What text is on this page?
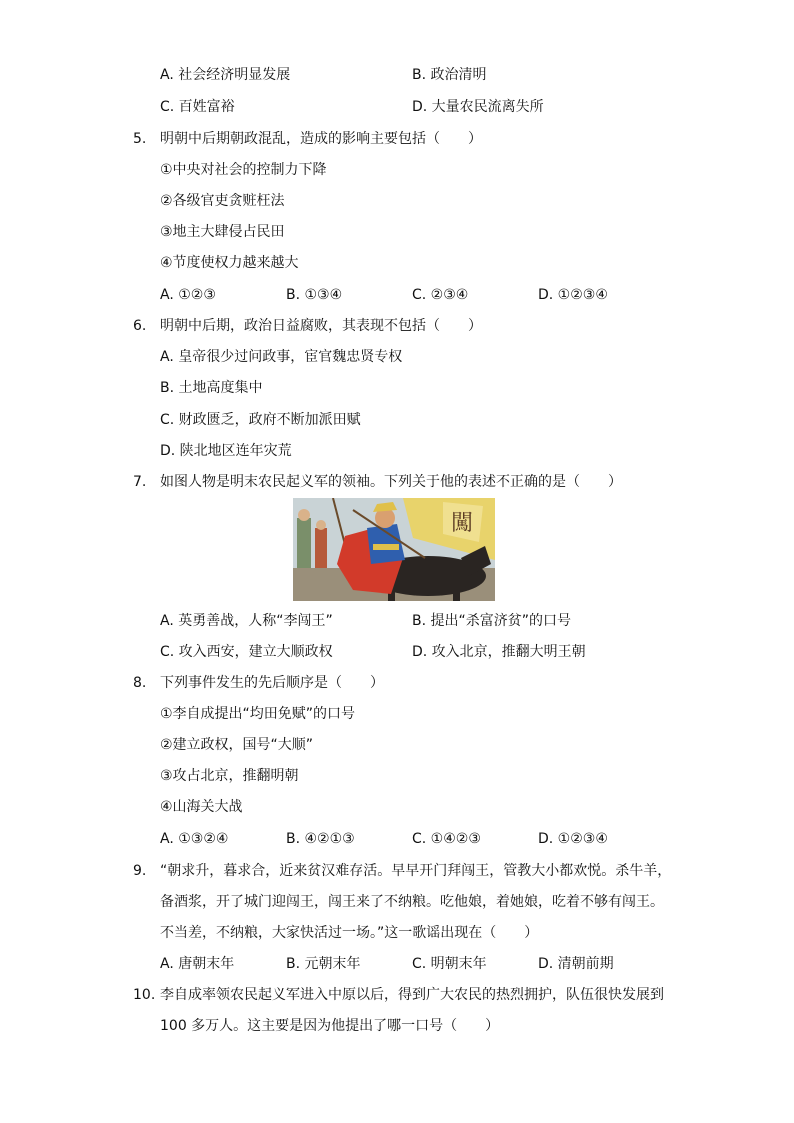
A. 社会经济明显发展	B. 政治清明
C. 百姓富裕	D. 大量农民流离失所
5. 明朝中后期朝政混乱，造成的影响主要包括（　　）
①中央对社会的控制力下降
②各级官吏贪赃枉法
③地主大肆侵占民田
④节度使权力越来越大
A. ①②③	B. ①③④	C. ②③④	D. ①②③④
6. 明朝中后期，政治日益腐败，其表现不包括（　　）
A. 皇帝很少过问政事，宦官魏忠贤专权
B. 土地高度集中
C. 财政匮乏，政府不断加派田赋
D. 陕北地区连年灾荒
7. 如图人物是明末农民起义军的领袖。下列关于他的表述不正确的是（　　）
闖
A. 英勇善战，人称“李闯王”	B. 提出“杀富济贫”的口号
C. 攻入西安，建立大顺政权	D. 攻入北京，推翻大明王朝
8. 下列事件发生的先后顺序是（　　）
①李自成提出“均田免赋”的口号
②建立政权，国号“大顺”
③攻占北京，推翻明朝
④山海关大战
A. ①③②④	B. ④②①③	C. ①④②③	D. ①②③④
9. “朝求升，暮求合，近来贫汉难存活。早早开门拜闯王，管教大小都欢悦。杀牛羊，
备酒浆，开了城门迎闯王，闯王来了不纳粮。吃他娘，着她娘，吃着不够有闯王。
不当差，不纳粮，大家快活过一场。”这一歌谣出现在（　　）
A. 唐朝末年	B. 元朝末年	C. 明朝末年	D. 清朝前期
10. 李自成率领农民起义军进入中原以后，得到广大农民的热烈拥护，队伍很快发展到
100 多万人。这主要是因为他提出了哪一口号（　　）
